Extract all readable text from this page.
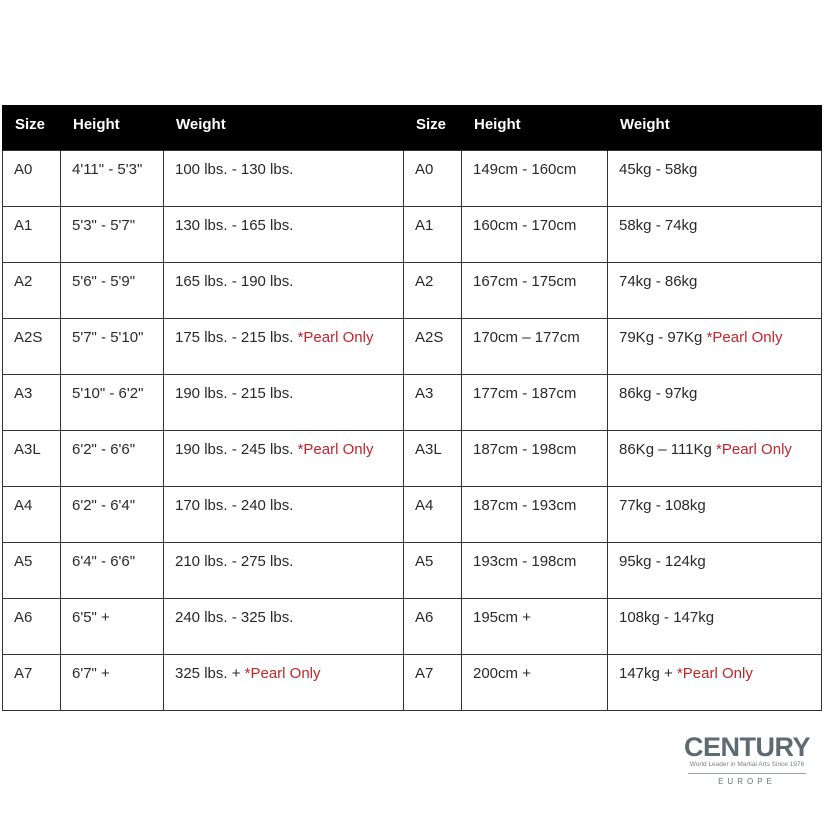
Size	Height	Weight	Size	Height	Weight
A0	4'11" - 5'3"	100 lbs. - 130 lbs.	A0	149cm - 160cm	45kg - 58kg
A1	5'3" - 5'7"	130 lbs. - 165 lbs.	A1	160cm - 170cm	58kg - 74kg
A2	5'6" - 5'9"	165 lbs. - 190 lbs.	A2	167cm - 175cm	74kg - 86kg
A2S	5'7" - 5'10"	175 lbs. - 215 lbs. *Pearl Only	A2S	170cm – 177cm	79Kg - 97Kg *Pearl Only
A3	5'10" - 6'2"	190 lbs. - 215 lbs.	A3	177cm - 187cm	86kg - 97kg
A3L	6'2" - 6'6"	190 lbs. - 245 lbs. *Pearl Only	A3L	187cm - 198cm	86Kg – 111Kg *Pearl Only
A4	6'2" - 6'4"	170 lbs. - 240 lbs.	A4	187cm - 193cm	77kg - 108kg
A5	6'4" - 6'6"	210 lbs. - 275 lbs.	A5	193cm - 198cm	95kg - 124kg
A6	6'5" +	240 lbs. - 325 lbs.	A6	195cm +	108kg - 147kg
A7	6'7" +	325 lbs. + *Pearl Only	A7	200cm +	147kg + *Pearl Only
CENTURY
World Leader in Martial Arts Since 1976
EUROPE
